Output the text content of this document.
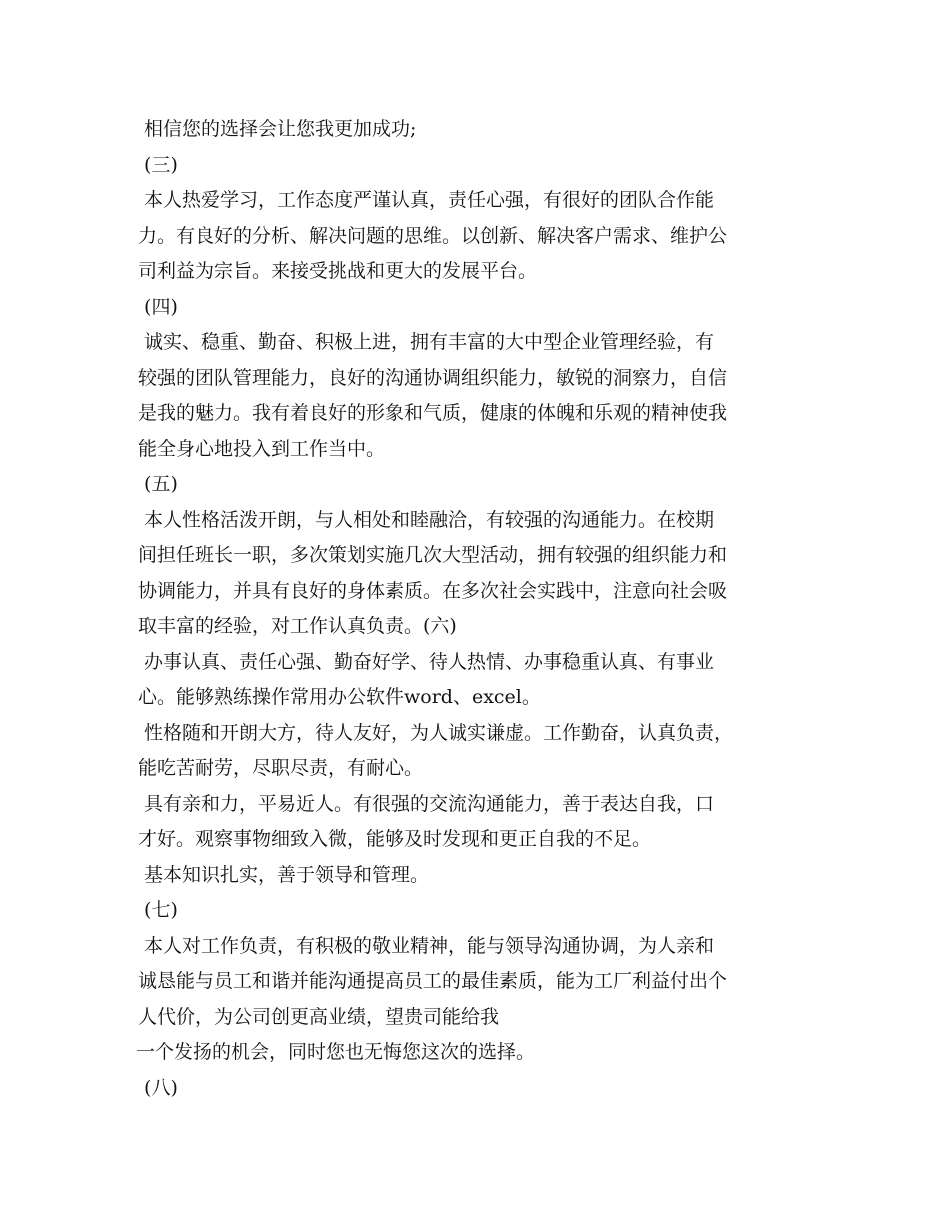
相信您的选择会让您我更加成功;
(三)
本人热爱学习，工作态度严谨认真，责任心强，有很好的团队合作能
力。有良好的分析、解决问题的思维。以创新、解决客户需求、维护公
司利益为宗旨。来接受挑战和更大的发展平台。
(四)
诚实、稳重、勤奋、积极上进，拥有丰富的大中型企业管理经验，有
较强的团队管理能力，良好的沟通协调组织能力，敏锐的洞察力，自信
是我的魅力。我有着良好的形象和气质，健康的体魄和乐观的精神使我
能全身心地投入到工作当中。
(五)
本人性格活泼开朗，与人相处和睦融洽，有较强的沟通能力。在校期
间担任班长一职，多次策划实施几次大型活动，拥有较强的组织能力和
协调能力，并具有良好的身体素质。在多次社会实践中，注意向社会吸
取丰富的经验，对工作认真负责。(六)
办事认真、责任心强、勤奋好学、待人热情、办事稳重认真、有事业
心。能够熟练操作常用办公软件word、excel。
性格随和开朗大方，待人友好，为人诚实谦虚。工作勤奋，认真负责，
能吃苦耐劳，尽职尽责，有耐心。
具有亲和力，平易近人。有很强的交流沟通能力，善于表达自我，口
才好。观察事物细致入微，能够及时发现和更正自我的不足。
基本知识扎实，善于领导和管理。
(七)
本人对工作负责，有积极的敬业精神，能与领导沟通协调，为人亲和
诚恳能与员工和谐并能沟通提高员工的最佳素质，能为工厂利益付出个
人代价，为公司创更高业绩，望贵司能给我
一个发扬的机会，同时您也无悔您这次的选择。
(八)
